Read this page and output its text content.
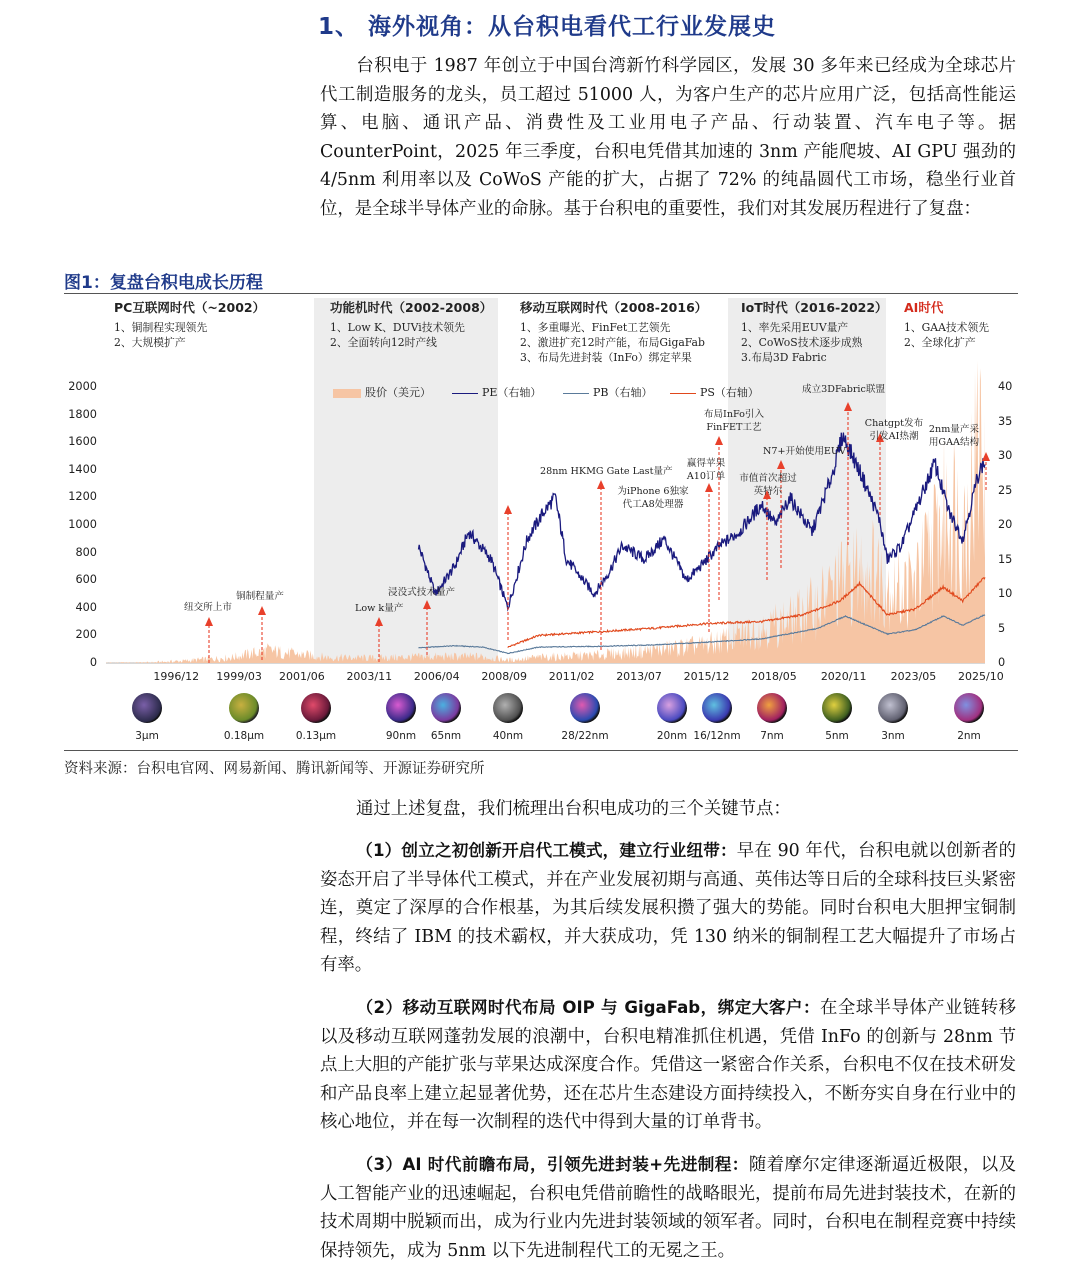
1、 海外视角：从台积电看代工行业发展史

台积电于 1987 年创立于中国台湾新竹科学园区，发展 30 多年来已经成为全球芯片代工制造服务的龙头，员工超过 51000 人，为客户生产的芯片应用广泛，包括高性能运算、电脑、通讯产品、消费性及工业用电子产品、行动装置、汽车电子等。据 CounterPoint，2025 年三季度，台积电凭借其加速的 3nm 产能爬坡、AI GPU 强劲的 4/5nm 利用率以及 CoWoS 产能的扩大，占据了 72% 的纯晶圆代工市场，稳坐行业首位，是全球半导体产业的命脉。基于台积电的重要性，我们对其发展历程进行了复盘：

图1：复盘台积电成长历程
PC互联网时代（~2002）
1、铜制程实现领先
2、大规模扩产
功能机时代（2002-2008）
1、Low K、DUVi技术领先
2、全面转向12时产线
移动互联网时代（2008-2016）
1、多重曝光、FinFet工艺领先
2、激进扩充12时产能，布局GigaFab
3、布局先进封装（InFo）绑定苹果
IoT时代（2016-2022）
1、率先采用EUV量产
2、CoWoS技术逐步成熟
3.布局3D Fabric
AI时代
1、GAA技术领先
2、全球化扩产
股价（美元）	PE（右轴）	PB（右轴）	PS（右轴）
纽交所上市
铜制程量产
Low k量产
浸没式技术量产
28nm HKMG Gate Last量产
为iPhone 6独家代工A8处理器
赢得苹果A10订单
布局InFo引入FinFET工艺
N7+开始使用EUV
市值首次超过英特尔
成立3DFabric联盟
Chatgpt发布引发AI热潮
2nm量产采用GAA结构
3μm	0.18μm	0.13μm	90nm	65nm	40nm	28/22nm	20nm 16/12nm	7nm	5nm	3nm	2nm
0
200
400
600
800
1000
1200
1400
1600
1800
2000
0
5
10
15
20
25
30
35
40
1996/12 1999/03 2001/06 2003/11 2006/04 2008/09 2011/02 2013/07 2015/12 2018/05 2020/11 2023/05 2025/10
资料来源：台积电官网、网易新闻、腾讯新闻等、开源证券研究所

通过上述复盘，我们梳理出台积电成功的三个关键节点：

（1）创立之初创新开启代工模式，建立行业纽带：早在 90 年代，台积电就以创新者的姿态开启了半导体代工模式，并在产业发展初期与高通、英伟达等日后的全球科技巨头紧密连，奠定了深厚的合作根基，为其后续发展积攒了强大的势能。同时台积电大胆押宝铜制程，终结了 IBM 的技术霸权，并大获成功，凭 130 纳米的铜制程工艺大幅提升了市场占有率。

（2）移动互联网时代布局 OIP 与 GigaFab，绑定大客户：在全球半导体产业链转移以及移动互联网蓬勃发展的浪潮中，台积电精准抓住机遇，凭借 InFo 的创新与 28nm 节点上大胆的产能扩张与苹果达成深度合作。凭借这一紧密合作关系，台积电不仅在技术研发和产品良率上建立起显著优势，还在芯片生态建设方面持续投入，不断夯实自身在行业中的核心地位，并在每一次制程的迭代中得到大量的订单背书。

（3）AI 时代前瞻布局，引领先进封装+先进制程：随着摩尔定律逐渐逼近极限，以及人工智能产业的迅速崛起，台积电凭借前瞻性的战略眼光，提前布局先进封装技术，在新的技术周期中脱颖而出，成为行业内先进封装领域的领军者。同时，台积电在制程竞赛中持续保持领先，成为 5nm 以下先进制程代工的无冕之王。
